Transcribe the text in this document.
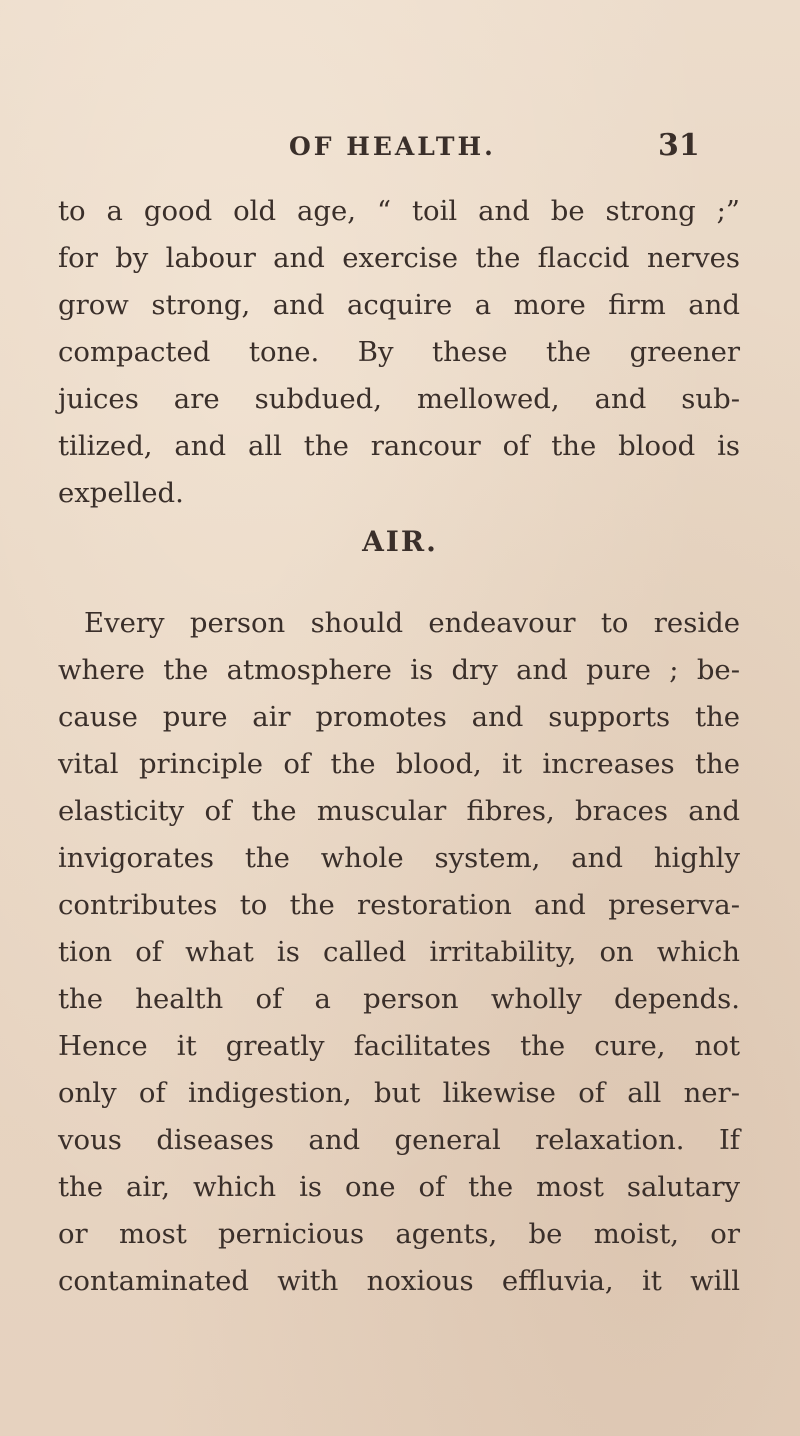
OF HEALTH.	31
to a good old age, “ toil and be strong ;”
for by labour and exercise the flaccid nerves
grow strong, and acquire a more firm and
compacted tone. By these the greener
juices are subdued, mellowed, and sub-
tilized, and all the rancour of the blood is
expelled.
AIR.
Every person should endeavour to reside
where the atmosphere is dry and pure ; be-
cause pure air promotes and supports the
vital principle of the blood, it increases the
elasticity of the muscular fibres, braces and
invigorates the whole system, and highly
contributes to the restoration and preserva-
tion of what is called irritability, on which
the health of a person wholly depends.
Hence it greatly facilitates the cure, not
only of indigestion, but likewise of all ner-
vous diseases and general relaxation. If
the air, which is one of the most salutary
or most pernicious agents, be moist, or
contaminated with noxious effluvia, it will
